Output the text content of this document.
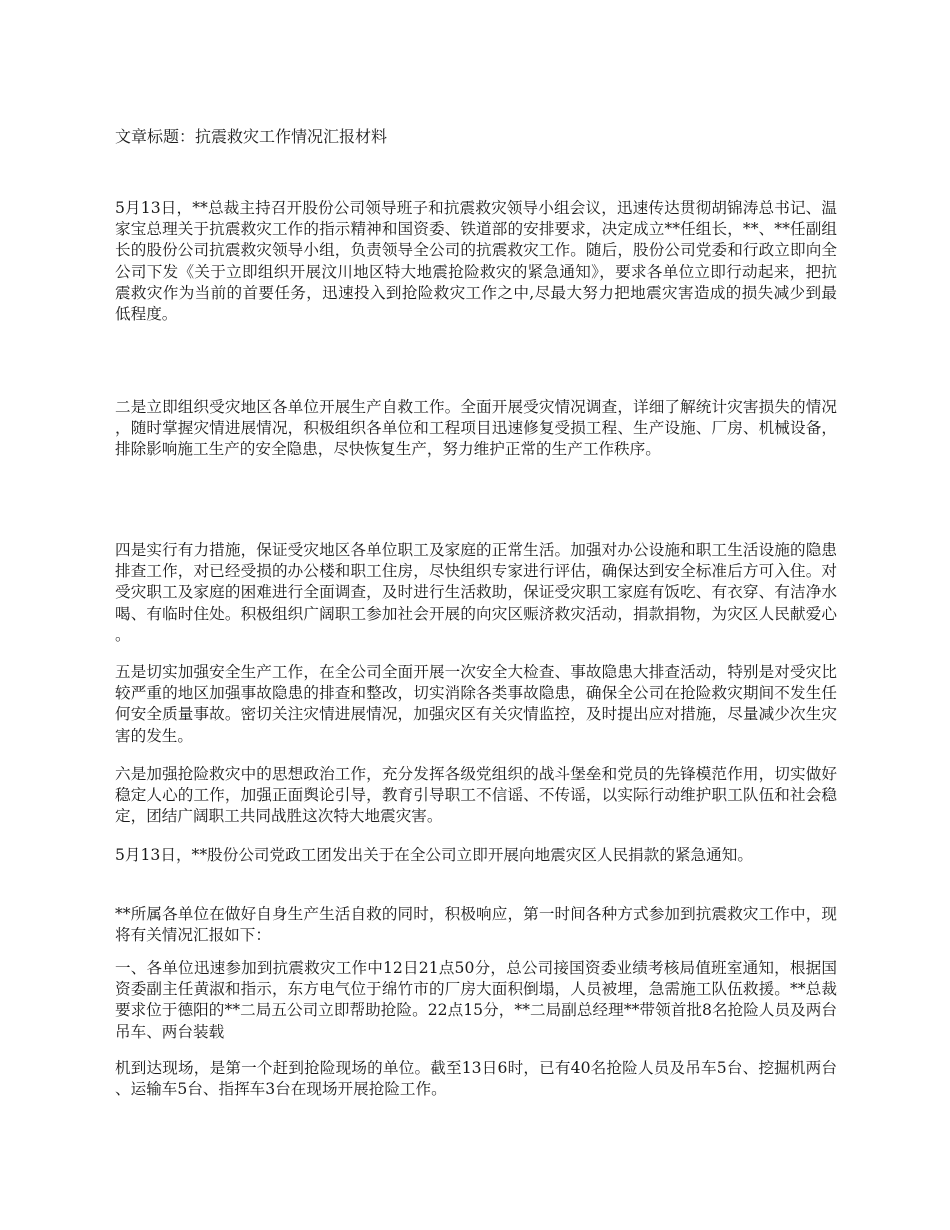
文章标题：抗震救灾工作情况汇报材料

5月13日，**总裁主持召开股份公司领导班子和抗震救灾领导小组会议，迅速传达贯彻胡锦涛总书记、温家宝总理关于抗震救灾工作的指示精神和国资委、铁道部的安排要求，决定成立**任组长，**、**任副组长的股份公司抗震救灾领导小组，负责领导全公司的抗震救灾工作。随后，股份公司党委和行政立即向全公司下发《关于立即组织开展汶川地区特大地震抢险救灾的紧急通知》，要求各单位立即行动起来，把抗震救灾作为当前的首要任务，迅速投入到抢险救灾工作之中,尽最大努力把地震灾害造成的损失减少到最低程度。

二是立即组织受灾地区各单位开展生产自救工作。全面开展受灾情况调查，详细了解统计灾害损失的情况，随时掌握灾情进展情况，积极组织各单位和工程项目迅速修复受损工程、生产设施、厂房、机械设备，排除影响施工生产的安全隐患，尽快恢复生产，努力维护正常的生产工作秩序。

四是实行有力措施，保证受灾地区各单位职工及家庭的正常生活。加强对办公设施和职工生活设施的隐患排查工作，对已经受损的办公楼和职工住房，尽快组织专家进行评估，确保达到安全标准后方可入住。对受灾职工及家庭的困难进行全面调查，及时进行生活救助，保证受灾职工家庭有饭吃、有衣穿、有洁净水喝、有临时住处。积极组织广阔职工参加社会开展的向灾区赈济救灾活动，捐款捐物，为灾区人民献爱心。

五是切实加强安全生产工作，在全公司全面开展一次安全大检查、事故隐患大排查活动，特别是对受灾比较严重的地区加强事故隐患的排查和整改，切实消除各类事故隐患，确保全公司在抢险救灾期间不发生任何安全质量事故。密切关注灾情进展情况，加强灾区有关灾情监控，及时提出应对措施，尽量减少次生灾害的发生。

六是加强抢险救灾中的思想政治工作，充分发挥各级党组织的战斗堡垒和党员的先锋模范作用，切实做好稳定人心的工作，加强正面舆论引导，教育引导职工不信谣、不传谣，以实际行动维护职工队伍和社会稳定，团结广阔职工共同战胜这次特大地震灾害。

5月13日，**股份公司党政工团发出关于在全公司立即开展向地震灾区人民捐款的紧急通知。

**所属各单位在做好自身生产生活自救的同时，积极响应，第一时间各种方式参加到抗震救灾工作中，现将有关情况汇报如下：

一、各单位迅速参加到抗震救灾工作中12日21点50分，总公司接国资委业绩考核局值班室通知，根据国资委副主任黄淑和指示，东方电气位于绵竹市的厂房大面积倒塌，人员被埋，急需施工队伍救援。**总裁要求位于德阳的**二局五公司立即帮助抢险。22点15分，**二局副总经理**带领首批8名抢险人员及两台吊车、两台装载

机到达现场，是第一个赶到抢险现场的单位。截至13日6时，已有40名抢险人员及吊车5台、挖掘机两台、运输车5台、指挥车3台在现场开展抢险工作。
